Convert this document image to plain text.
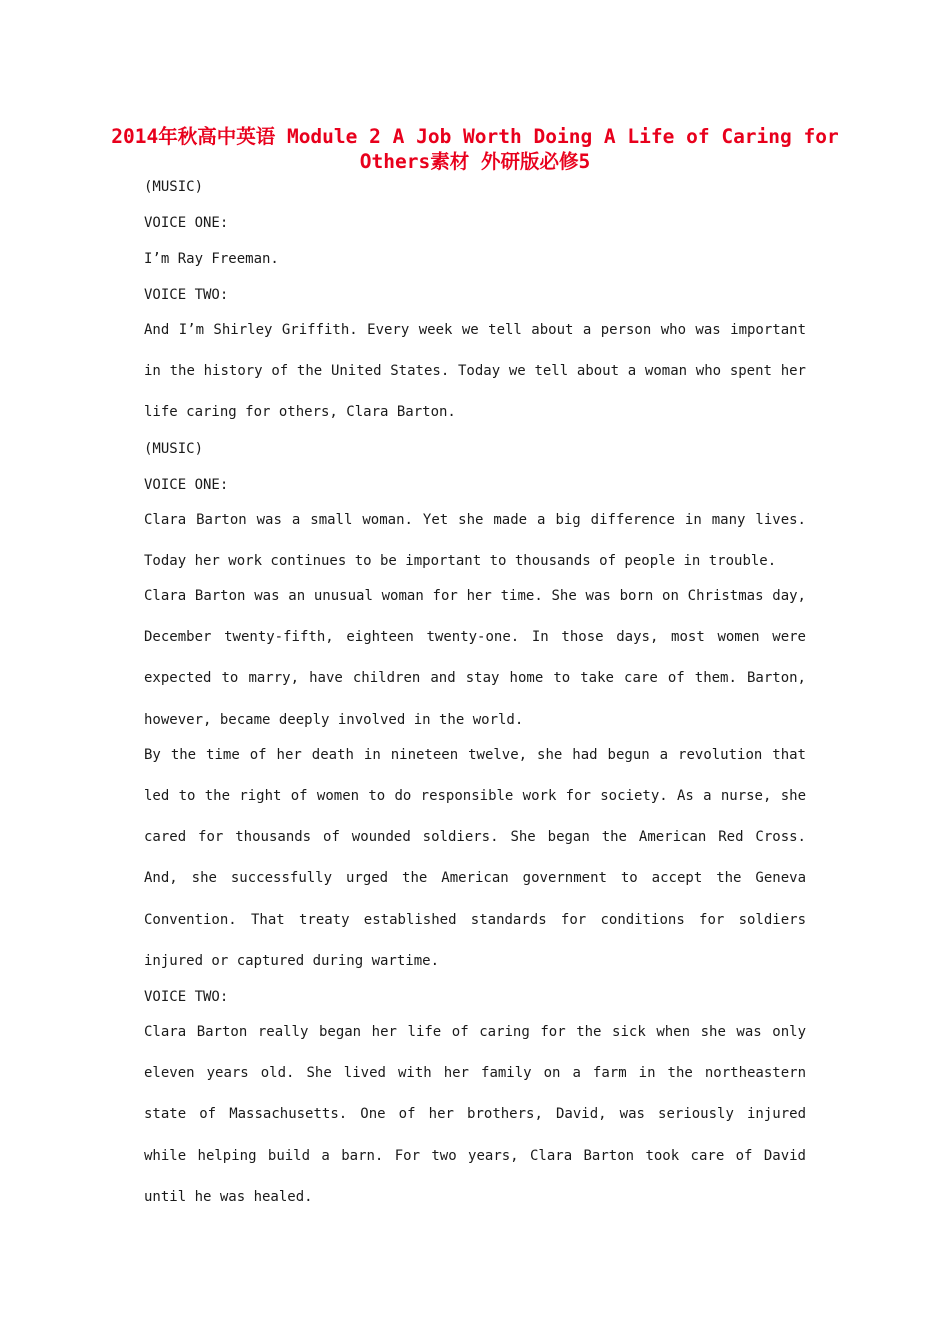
2014年秋高中英语 Module 2 A Job Worth Doing A Life of Caring for Others素材 外研版必修5
(MUSIC)
VOICE ONE:
I’m Ray Freeman.
VOICE TWO:
And I’m Shirley Griffith. Every week we tell about a person who was important in the history of the United States. Today we tell about a woman who spent her life caring for others, Clara Barton.
(MUSIC)
VOICE ONE:
Clara Barton was a small woman. Yet she made a big difference in many lives. Today her work continues to be important to thousands of people in trouble.
Clara Barton was an unusual woman for her time. She was born on Christmas day, December twenty-fifth, eighteen twenty-one. In those days, most women were expected to marry, have children and stay home to take care of them. Barton, however, became deeply involved in the world.
By the time of her death in nineteen twelve, she had begun a revolution that led to the right of women to do responsible work for society. As a nurse, she cared for thousands of wounded soldiers. She began the American Red Cross. And, she successfully urged the American government to accept the Geneva Convention. That treaty established standards for conditions for soldiers injured or captured during wartime.
VOICE TWO:
Clara Barton really began her life of caring for the sick when she was only eleven years old. She lived with her family on a farm in the northeastern state of Massachusetts. One of her brothers, David, was seriously injured while helping build a barn. For two years, Clara Barton took care of David until he was healed.
